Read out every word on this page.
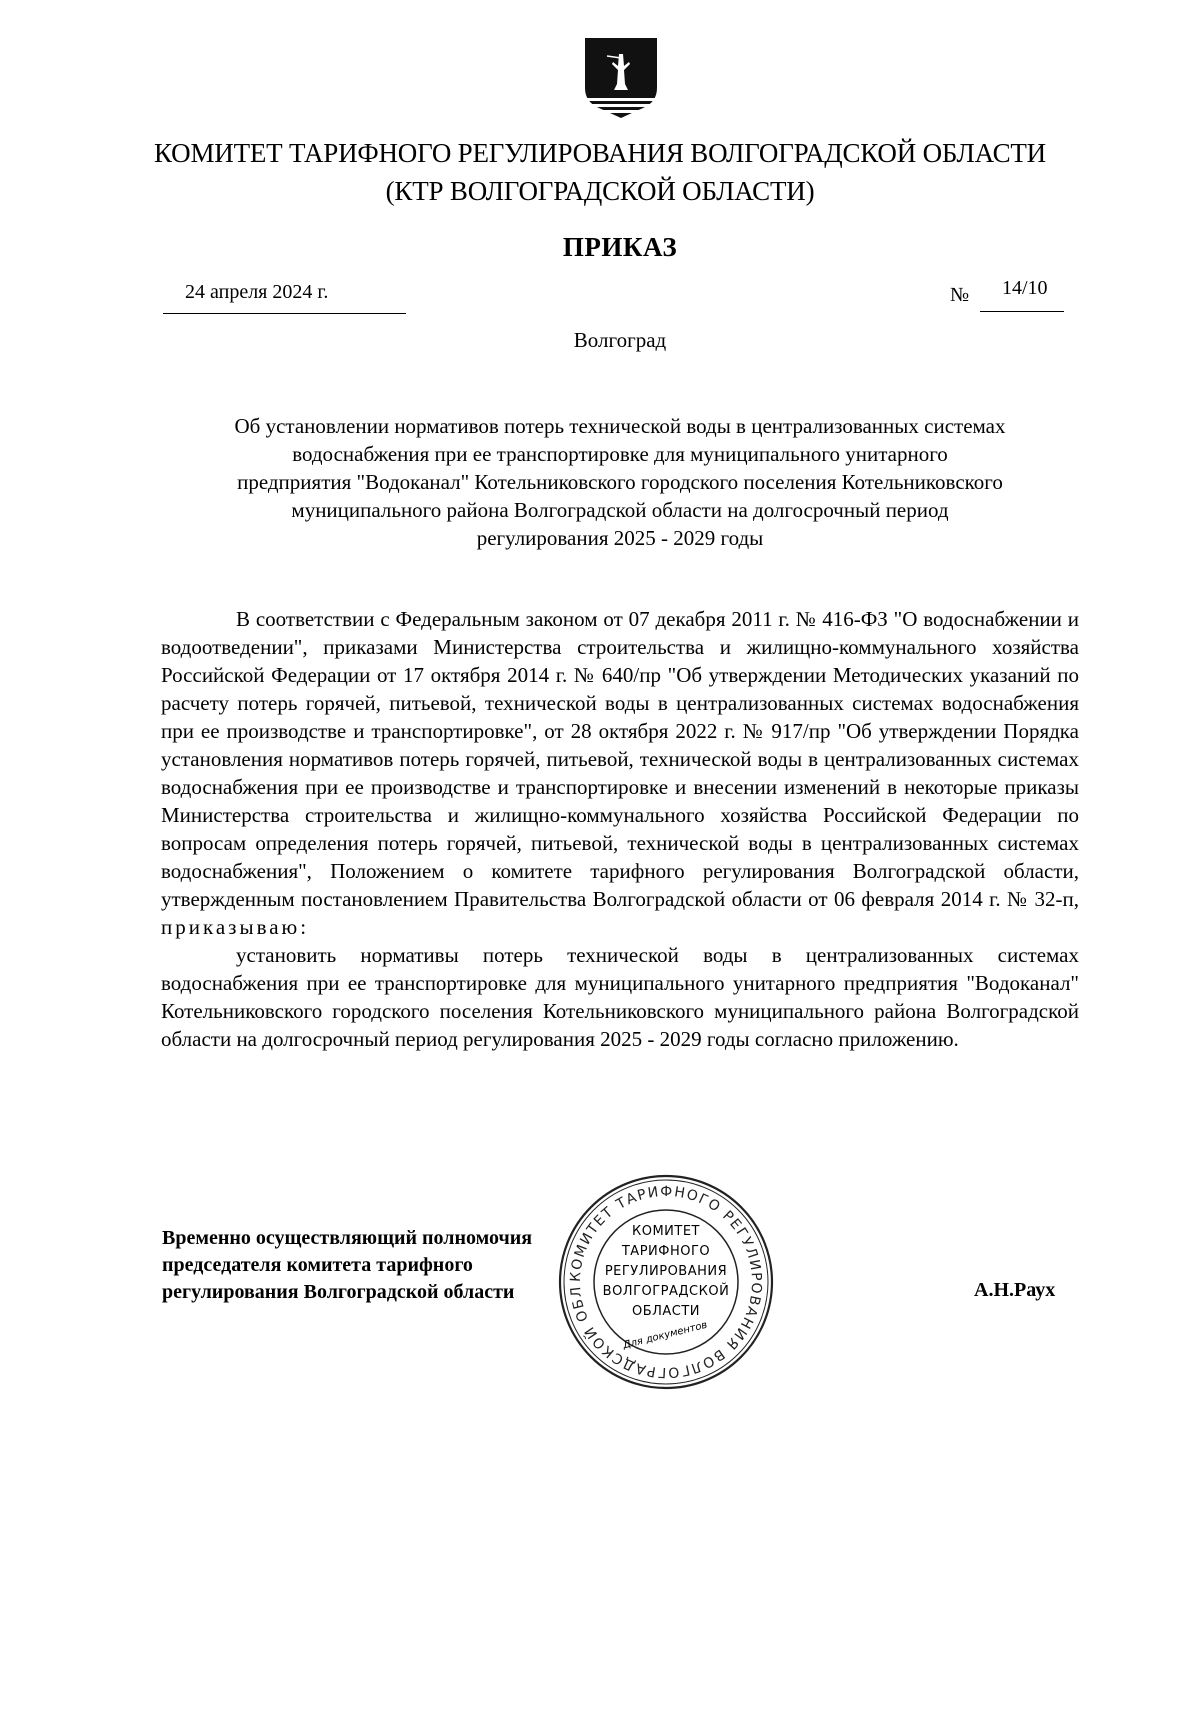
КОМИТЕТ ТАРИФНОГО РЕГУЛИРОВАНИЯ ВОЛГОГРАДСКОЙ ОБЛАСТИ
(КТР ВОЛГОГРАДСКОЙ ОБЛАСТИ)
ПРИКАЗ
24 апреля 2024 г.	№ 14/10
Волгоград
Об установлении нормативов потерь технической воды в централизованных системах
водоснабжения при ее транспортировке для муниципального унитарного
предприятия "Водоканал" Котельниковского городского поселения Котельниковского
муниципального района Волгоградской области на долгосрочный период
регулирования 2025 - 2029 годы

В соответствии с Федеральным законом от 07 декабря 2011 г. № 416-ФЗ "О водоснабжении и водоотведении", приказами Министерства строительства и жилищно-коммунального хозяйства Российской Федерации от 17 октября 2014 г. № 640/пр "Об утверждении Методических указаний по расчету потерь горячей, питьевой, технической воды в централизованных системах водоснабжения при ее производстве и транспортировке", от 28 октября 2022 г. № 917/пр "Об утверждении Порядка установления нормативов потерь горячей, питьевой, технической воды в централизованных системах водоснабжения при ее производстве и транспортировке и внесении изменений в некоторые приказы Министерства строительства и жилищно-коммунального хозяйства Российской Федерации по вопросам определения потерь горячей, питьевой, технической воды в централизованных системах водоснабжения", Положением о комитете тарифного регулирования Волгоградской области, утвержденным постановлением Правительства Волгоградской области от 06 февраля 2014 г. № 32-п, приказываю:

установить нормативы потерь технической воды в централизованных системах водоснабжения при ее транспортировке для муниципального унитарного предприятия "Водоканал" Котельниковского городского поселения Котельниковского муниципального района Волгоградской области на долгосрочный период регулирования 2025 - 2029 годы согласно приложению.

Временно осуществляющий полномочия
председателя комитета тарифного
регулирования Волгоградской области	А.Н.Раух
КОМИТЕТ ТАРИФНОГО РЕГУЛИРОВАНИЯ ВОЛГОГРАДСКОЙ ОБЛ
КОМИТЕТ
ТАРИФНОГО
РЕГУЛИРОВАНИЯ
ВОЛГОГРАДСКОЙ
ОБЛАСТИ
Для документов
